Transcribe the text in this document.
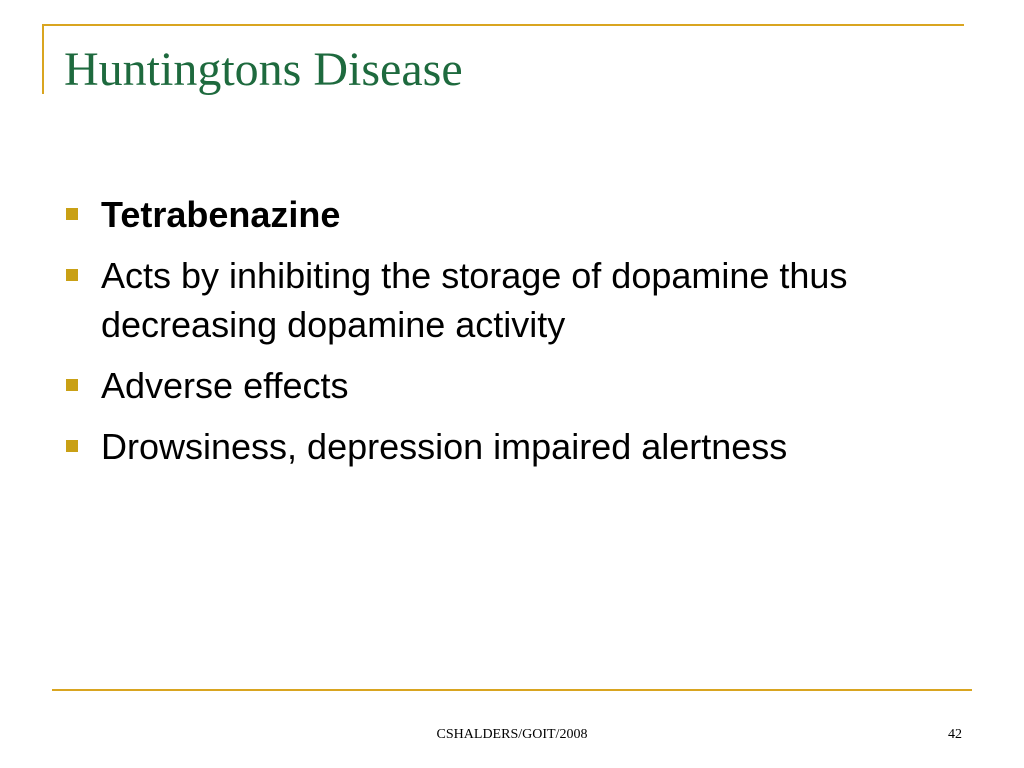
Huntingtons Disease
Tetrabenazine
Acts by inhibiting the storage of dopamine thus decreasing dopamine activity
Adverse effects
Drowsiness, depression impaired alertness
CSHALDERS/GOIT/2008	42
